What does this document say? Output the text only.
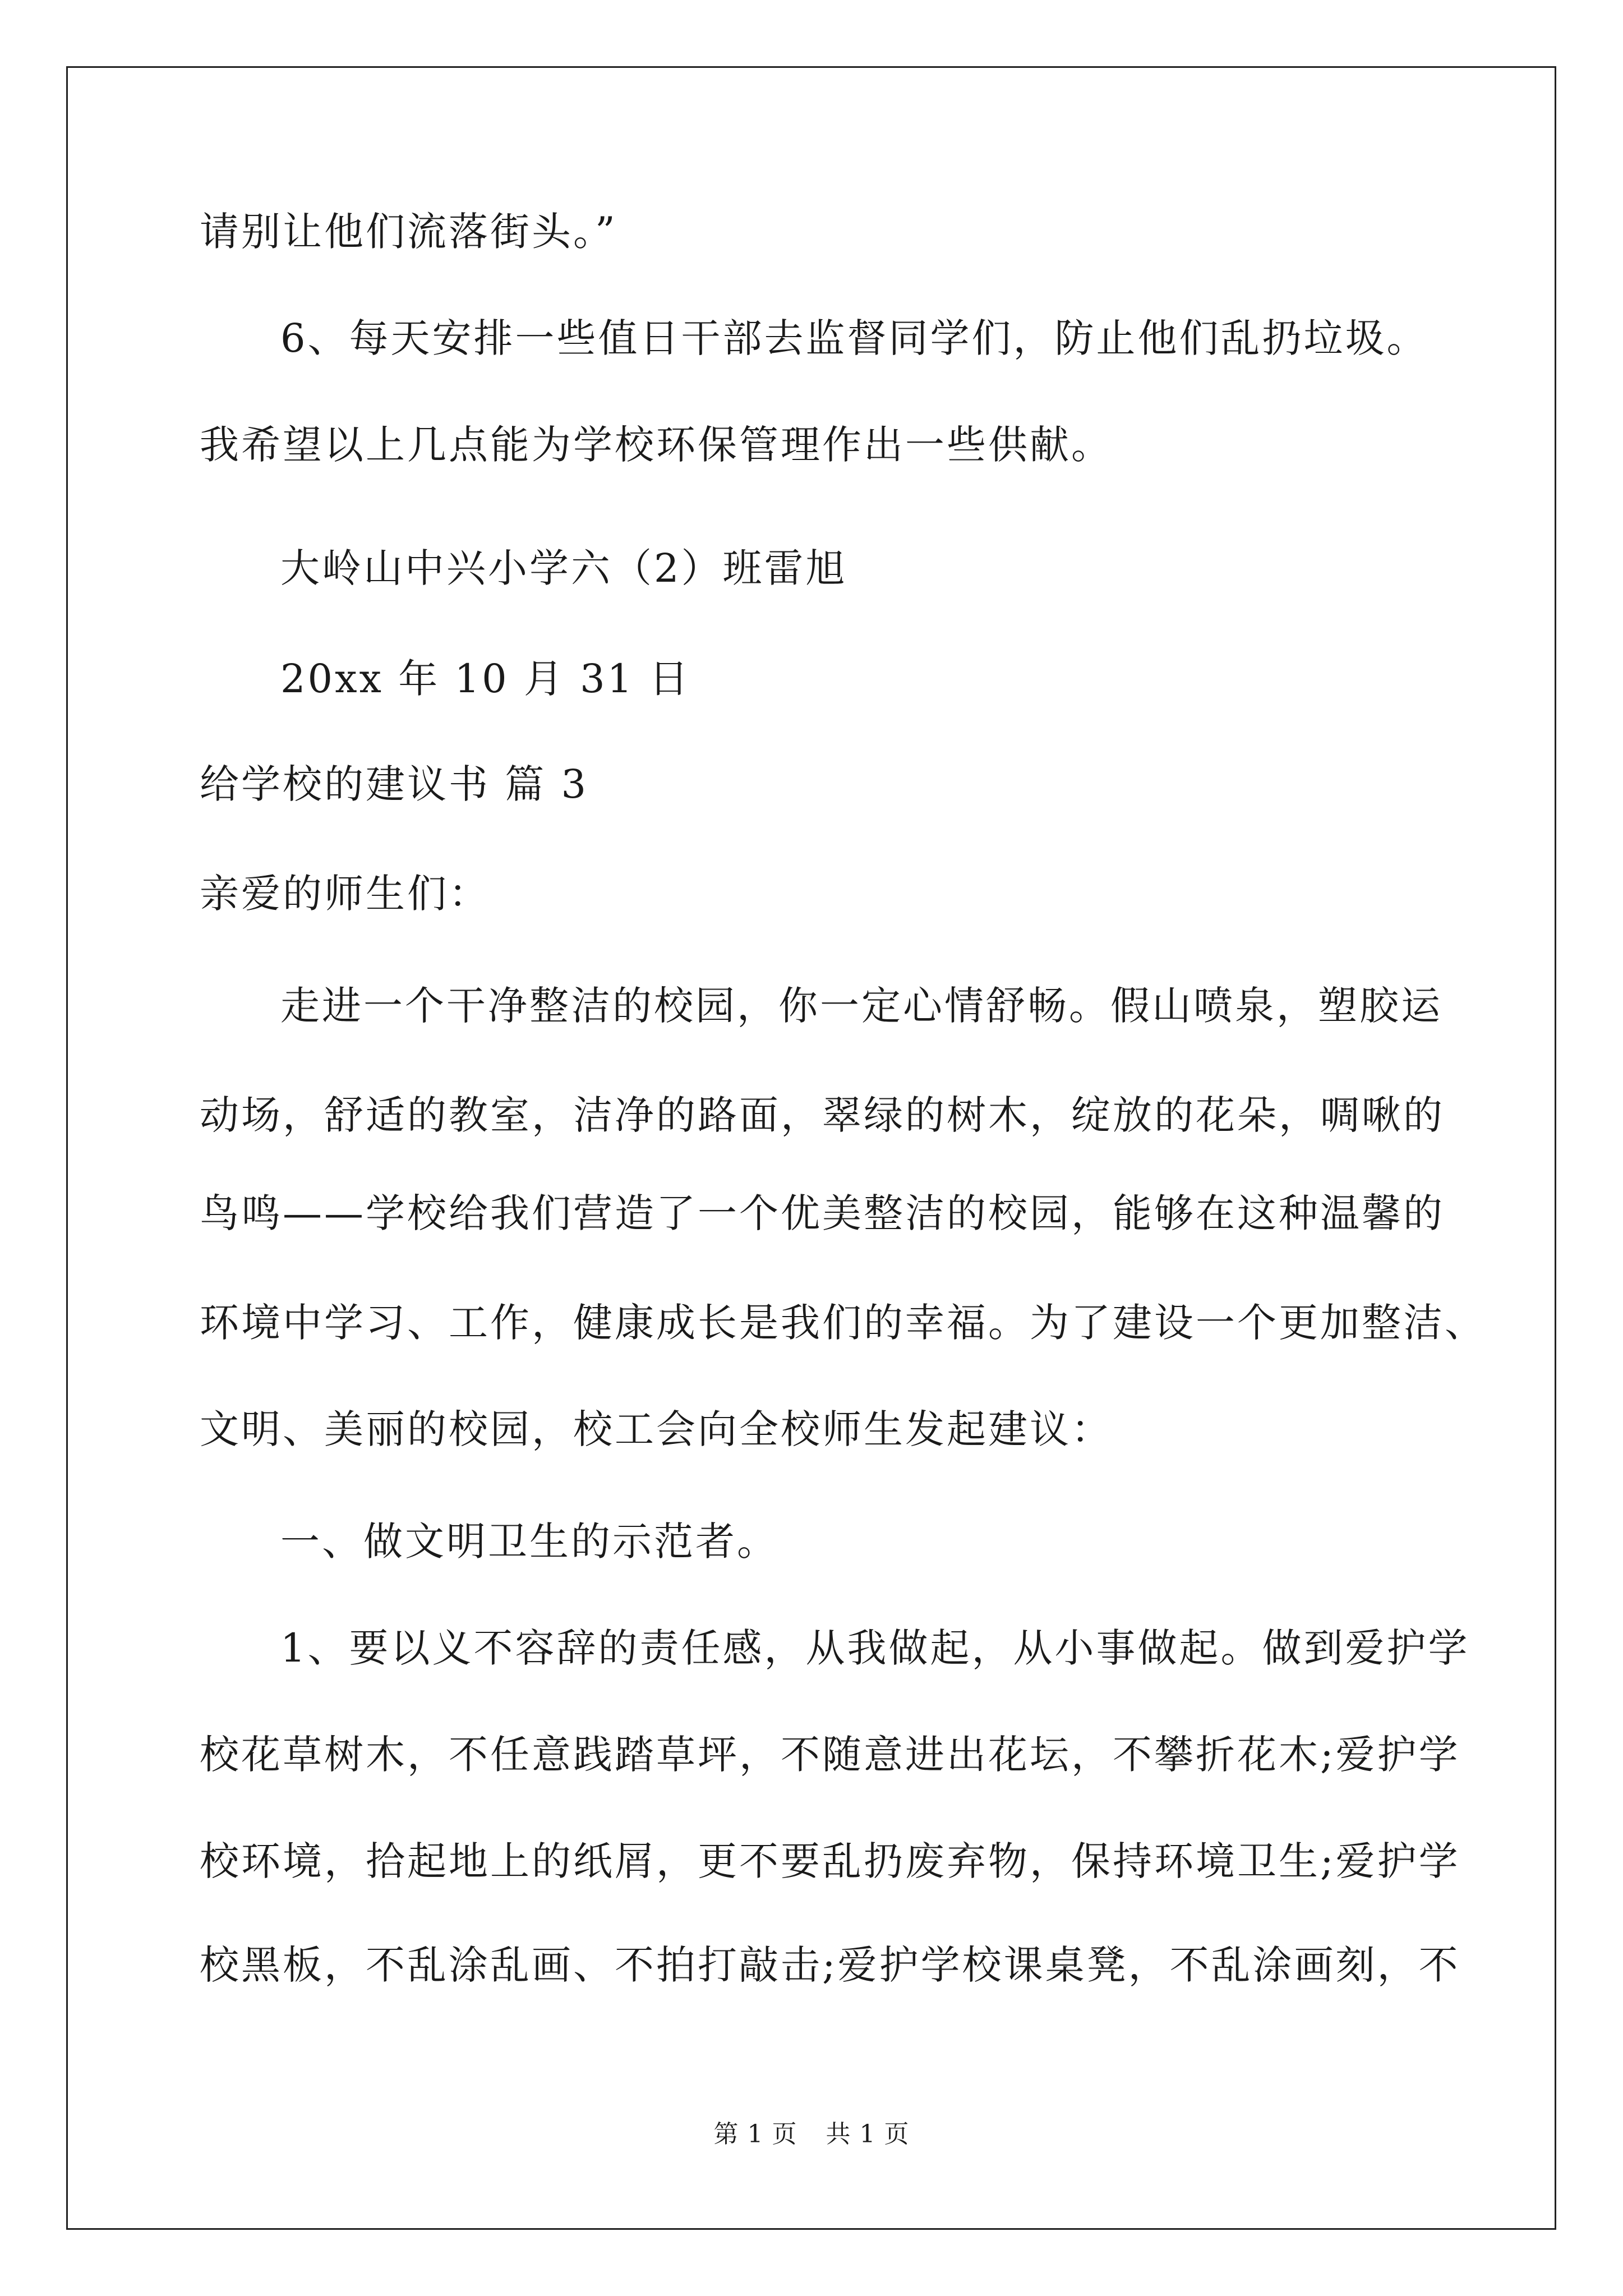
请别让他们流落街头。”
6、每天安排一些值日干部去监督同学们，防止他们乱扔垃圾。
我希望以上几点能为学校环保管理作出一些供献。
大岭山中兴小学六（2）班雷旭
20xx 年 10 月 31 日
给学校的建议书 篇 3
亲爱的师生们：
走进一个干净整洁的校园，你一定心情舒畅。假山喷泉，塑胶运
动场，舒适的教室，洁净的路面，翠绿的树木，绽放的花朵，啁啾的
鸟鸣——学校给我们营造了一个优美整洁的校园，能够在这种温馨的
环境中学习、工作，健康成长是我们的幸福。为了建设一个更加整洁、
文明、美丽的校园，校工会向全校师生发起建议：
一、做文明卫生的示范者。
1、要以义不容辞的责任感，从我做起，从小事做起。做到爱护学
校花草树木，不任意践踏草坪，不随意进出花坛，不攀折花木;爱护学
校环境，拾起地上的纸屑，更不要乱扔废弃物，保持环境卫生;爱护学
校黑板，不乱涂乱画、不拍打敲击;爱护学校课桌凳，不乱涂画刻，不
第 1 页 共 1 页
